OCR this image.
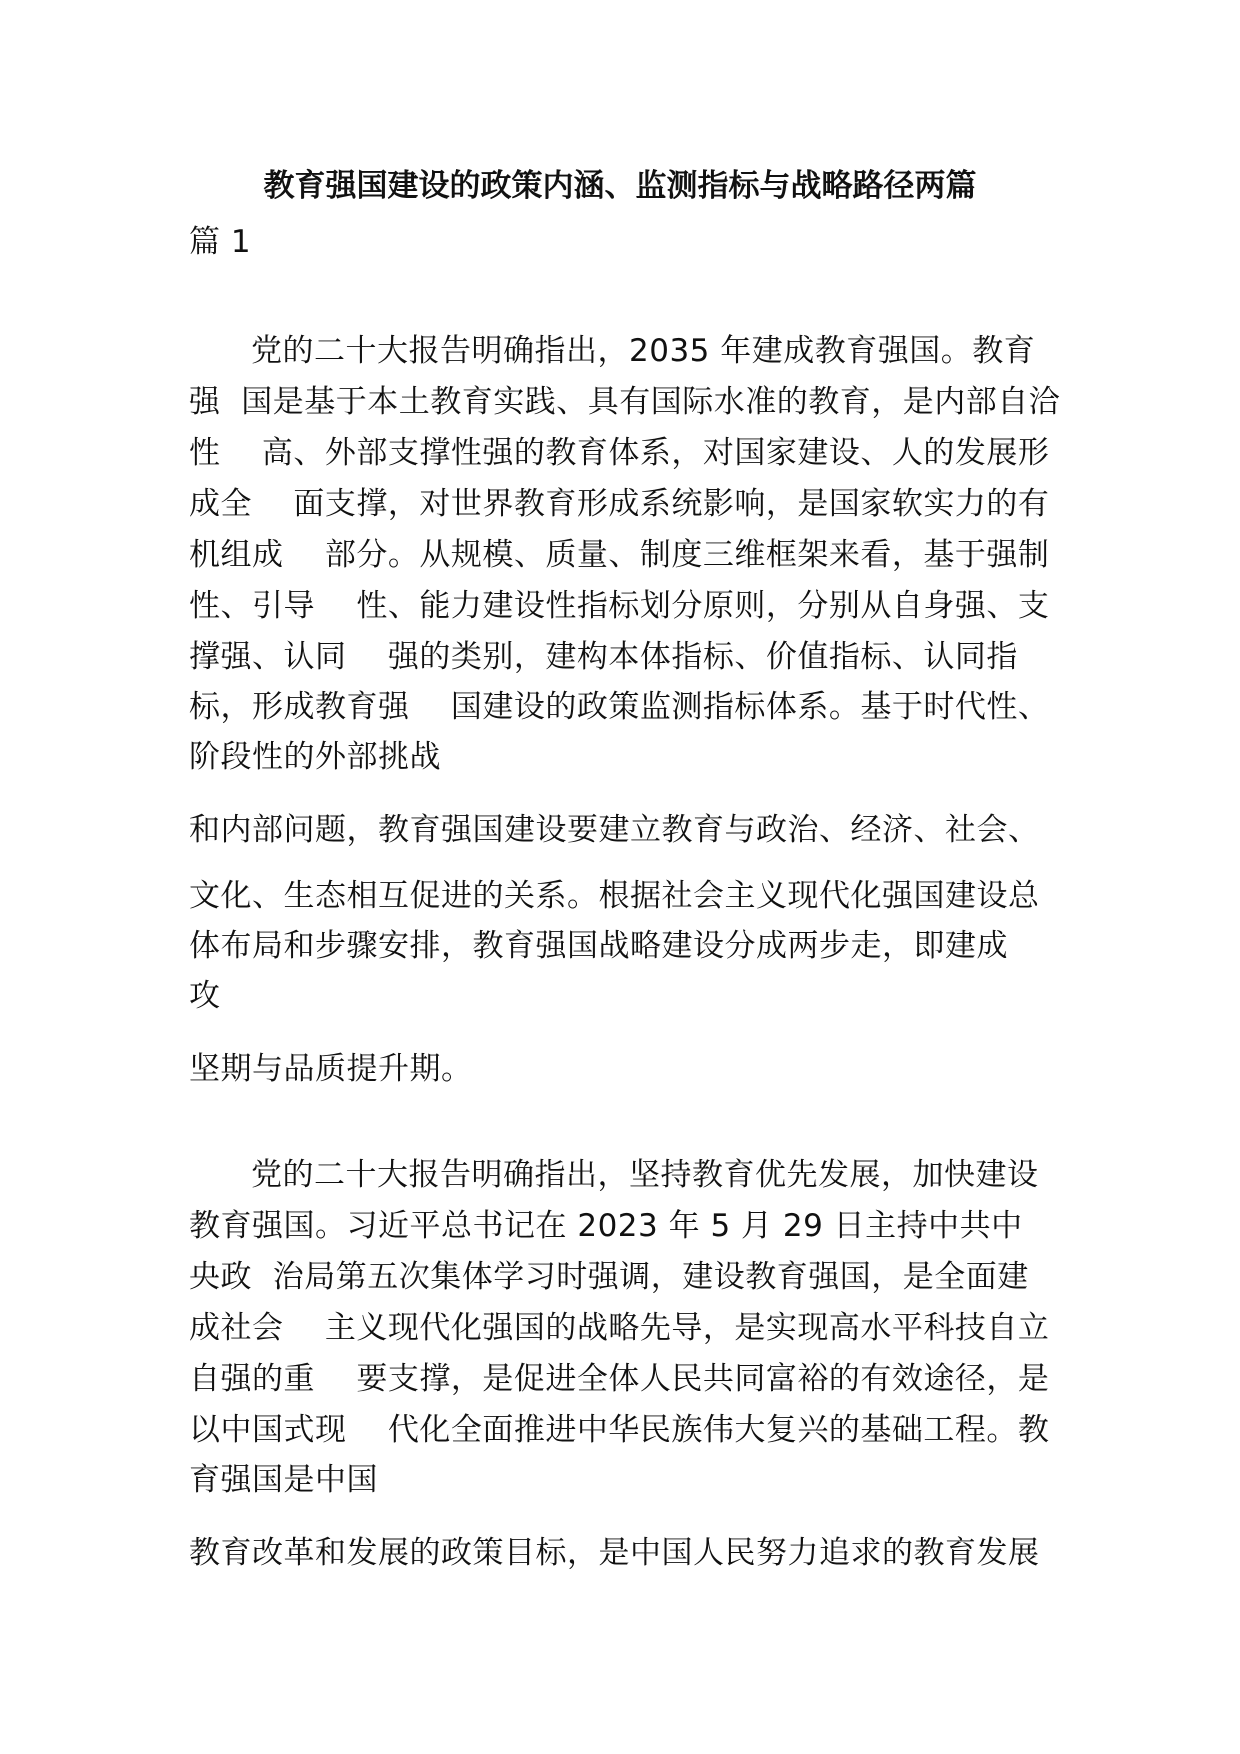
教育强国建设的政策内涵、监测指标与战略路径两篇
篇 1
党的二十大报告明确指出，2035 年建成教育强国。教育
强  国是基于本土教育实践、具有国际水准的教育，是内部自洽
性    高、外部支撑性强的教育体系，对国家建设、人的发展形
成全    面支撑，对世界教育形成系统影响，是国家软实力的有
机组成    部分。从规模、质量、制度三维框架来看，基于强制
性、引导    性、能力建设性指标划分原则，分别从自身强、支
撑强、认同    强的类别，建构本体指标、价值指标、认同指
标，形成教育强    国建设的政策监测指标体系。基于时代性、
阶段性的外部挑战
和内部问题，教育强国建设要建立教育与政治、经济、社会、
文化、生态相互促进的关系。根据社会主义现代化强国建设总
体布局和步骤安排，教育强国战略建设分成两步走，即建成
攻
坚期与品质提升期。
党的二十大报告明确指出，坚持教育优先发展，加快建设
教育强国。习近平总书记在 2023 年 5 月 29 日主持中共中
央政  治局第五次集体学习时强调，建设教育强国，是全面建
成社会    主义现代化强国的战略先导，是实现高水平科技自立
自强的重    要支撑，是促进全体人民共同富裕的有效途径，是
以中国式现    代化全面推进中华民族伟大复兴的基础工程。教
育强国是中国
教育改革和发展的政策目标，是中国人民努力追求的教育发展
